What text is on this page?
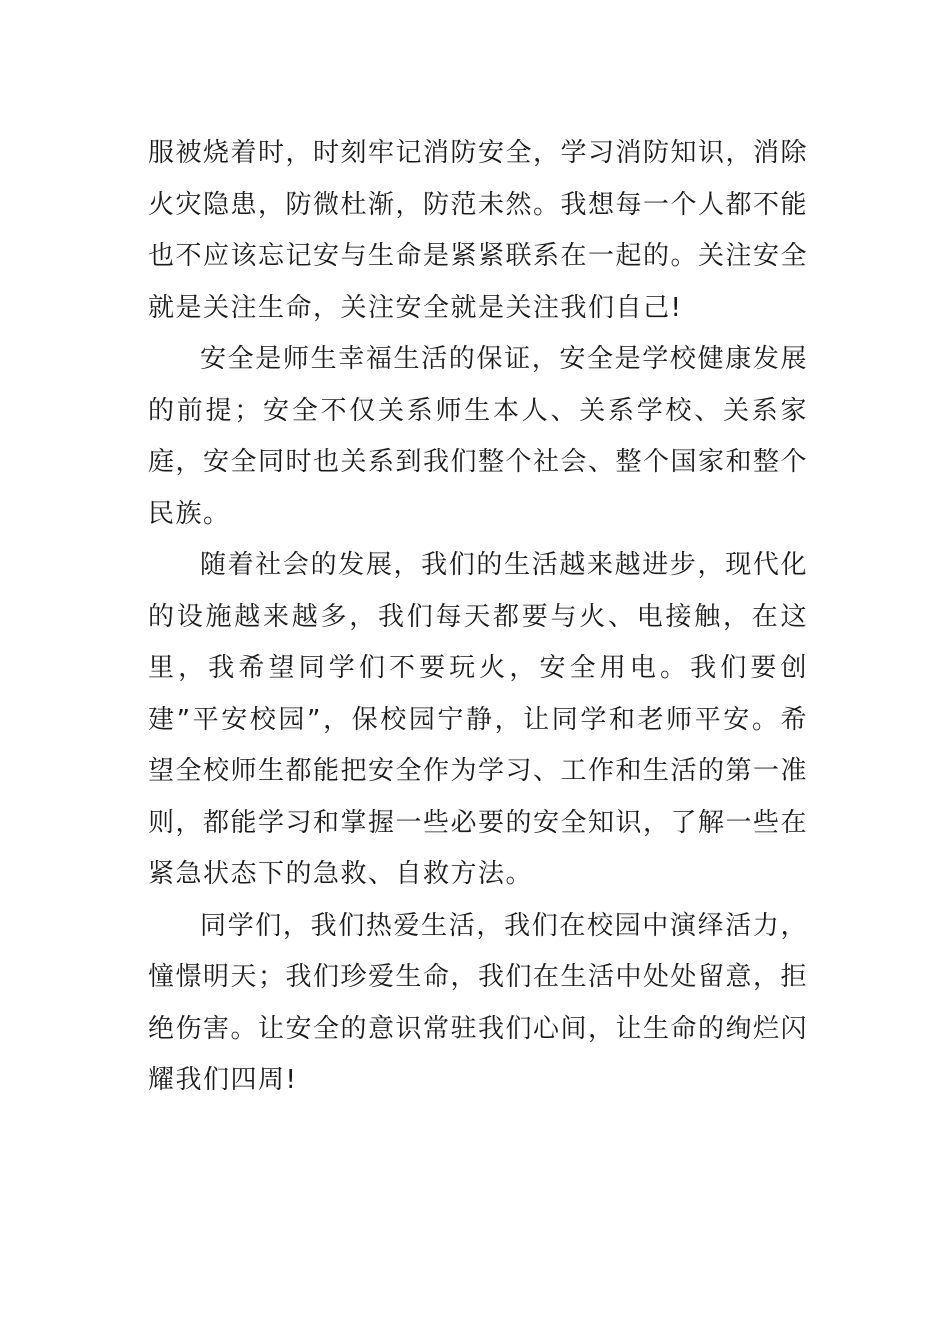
服被烧着时，时刻牢记消防安全，学习消防知识，消除火灾隐患，防微杜渐，防范未然。我想每一个人都不能也不应该忘记安与生命是紧紧联系在一起的。关注安全就是关注生命，关注安全就是关注我们自己!

安全是师生幸福生活的保证，安全是学校健康发展的前提；安全不仅关系师生本人、关系学校、关系家庭，安全同时也关系到我们整个社会、整个国家和整个民族。

随着社会的发展，我们的生活越来越进步，现代化的设施越来越多，我们每天都要与火、电接触，在这里，我希望同学们不要玩火，安全用电。我们要创建”平安校园”，保校园宁静，让同学和老师平安。希望全校师生都能把安全作为学习、工作和生活的第一准则，都能学习和掌握一些必要的安全知识，了解一些在紧急状态下的急救、自救方法。

同学们，我们热爱生活，我们在校园中演绎活力，憧憬明天；我们珍爱生命，我们在生活中处处留意，拒绝伤害。让安全的意识常驻我们心间，让生命的绚烂闪耀我们四周!
